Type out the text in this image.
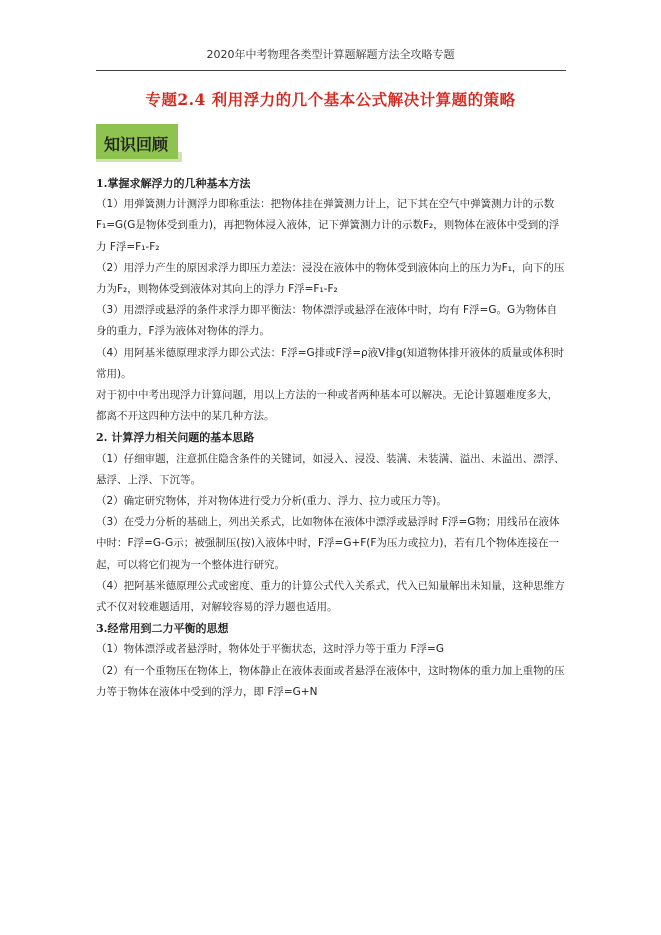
2020年中考物理各类型计算题解题方法全攻略专题
专题2.4 利用浮力的几个基本公式解决计算题的策略
知识回顾

1.掌握求解浮力的几种基本方法

（1）用弹簧测力计测浮力即称重法：把物体挂在弹簧测力计上，记下其在空气中弹簧测力计的示数F₁=G(G是物体受到重力)，再把物体浸入液体，记下弹簧测力计的示数F₂，则物体在液体中受到的浮力 F浮=F₁-F₂

（2）用浮力产生的原因求浮力即压力差法：浸没在液体中的物体受到液体向上的压力为F₁，向下的压力为F₂，则物体受到液体对其向上的浮力 F浮=F₁-F₂

（3）用漂浮或悬浮的条件求浮力即平衡法：物体漂浮或悬浮在液体中时，均有 F浮=G。G为物体自身的重力，F浮为液体对物体的浮力。

（4）用阿基米德原理求浮力即公式法：F浮=G排或F浮=ρ液V排g(知道物体排开液体的质量或体积时常用)。

对于初中中考出现浮力计算问题，用以上方法的一种或者两种基本可以解决。无论计算题难度多大，都离不开这四种方法中的某几种方法。

2. 计算浮力相关问题的基本思路

（1）仔细审题，注意抓住隐含条件的关键词，如浸入、浸没、装满、未装满、溢出、未溢出、漂浮、悬浮、上浮、下沉等。

（2）确定研究物体，并对物体进行受力分析(重力、浮力、拉力或压力等)。

（3）在受力分析的基础上，列出关系式，比如物体在液体中漂浮或悬浮时 F浮=G物；用线吊在液体中时：F浮=G-G示；被强制压(按)入液体中时，F浮=G+F(F为压力或拉力)，若有几个物体连接在一起，可以将它们视为一个整体进行研究。

（4）把阿基米德原理公式或密度、重力的计算公式代入关系式，代入已知量解出未知量，这种思维方式不仅对较难题适用，对解较容易的浮力题也适用。

3.经常用到二力平衡的思想

（1）物体漂浮或者悬浮时，物体处于平衡状态，这时浮力等于重力 F浮=G

（2）有一个重物压在物体上，物体静止在液体表面或者悬浮在液体中，这时物体的重力加上重物的压力等于物体在液体中受到的浮力，即 F浮=G+N
